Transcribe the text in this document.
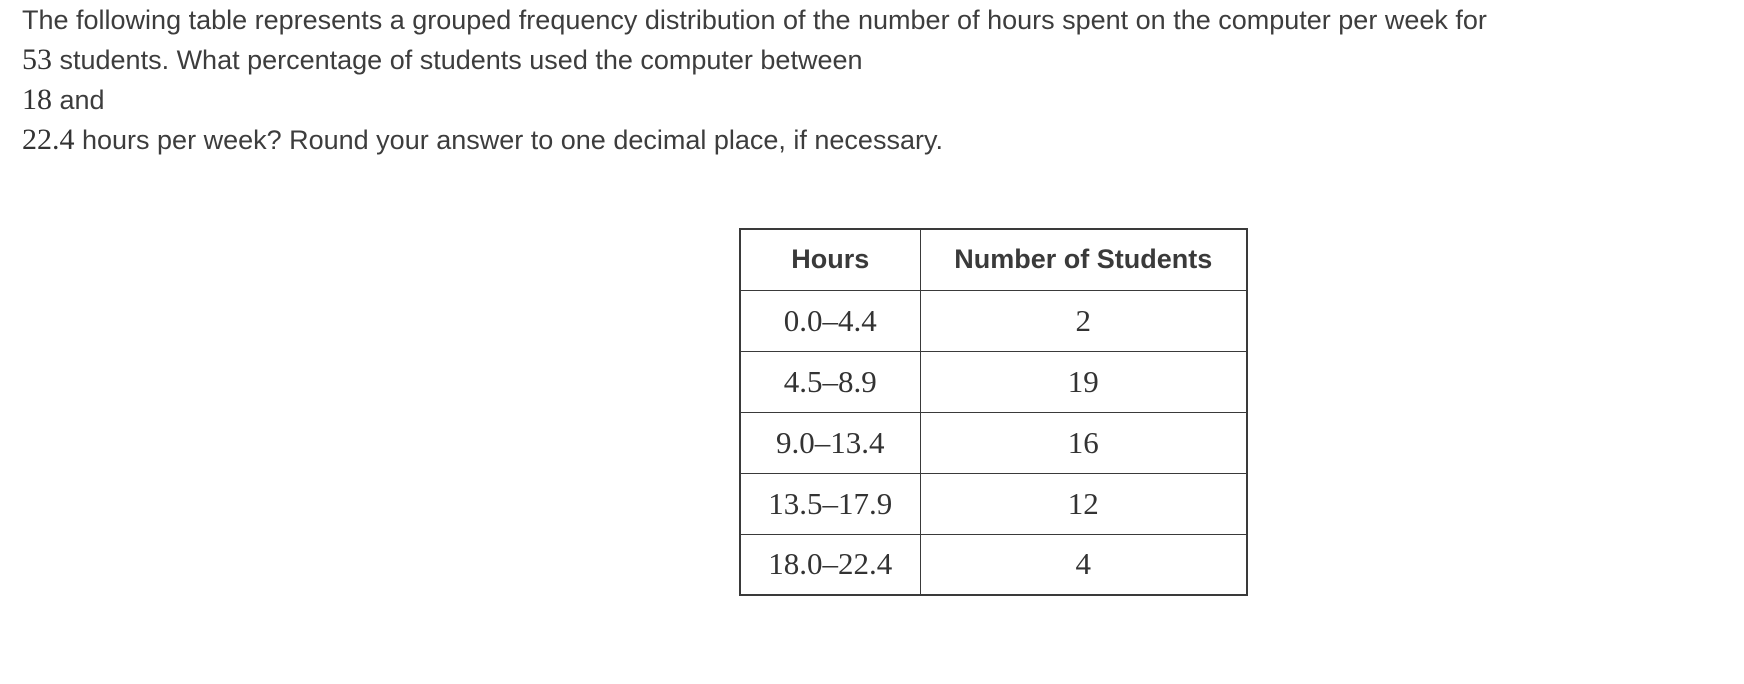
The following table represents a grouped frequency distribution of the number of hours spent on the computer per week for
53 students. What percentage of students used the computer between
18 and
22.4 hours per week? Round your answer to one decimal place, if necessary.
Hours	Number of Students
0.0–4.4	2
4.5–8.9	19
9.0–13.4	16
13.5–17.9	12
18.0–22.4	4
